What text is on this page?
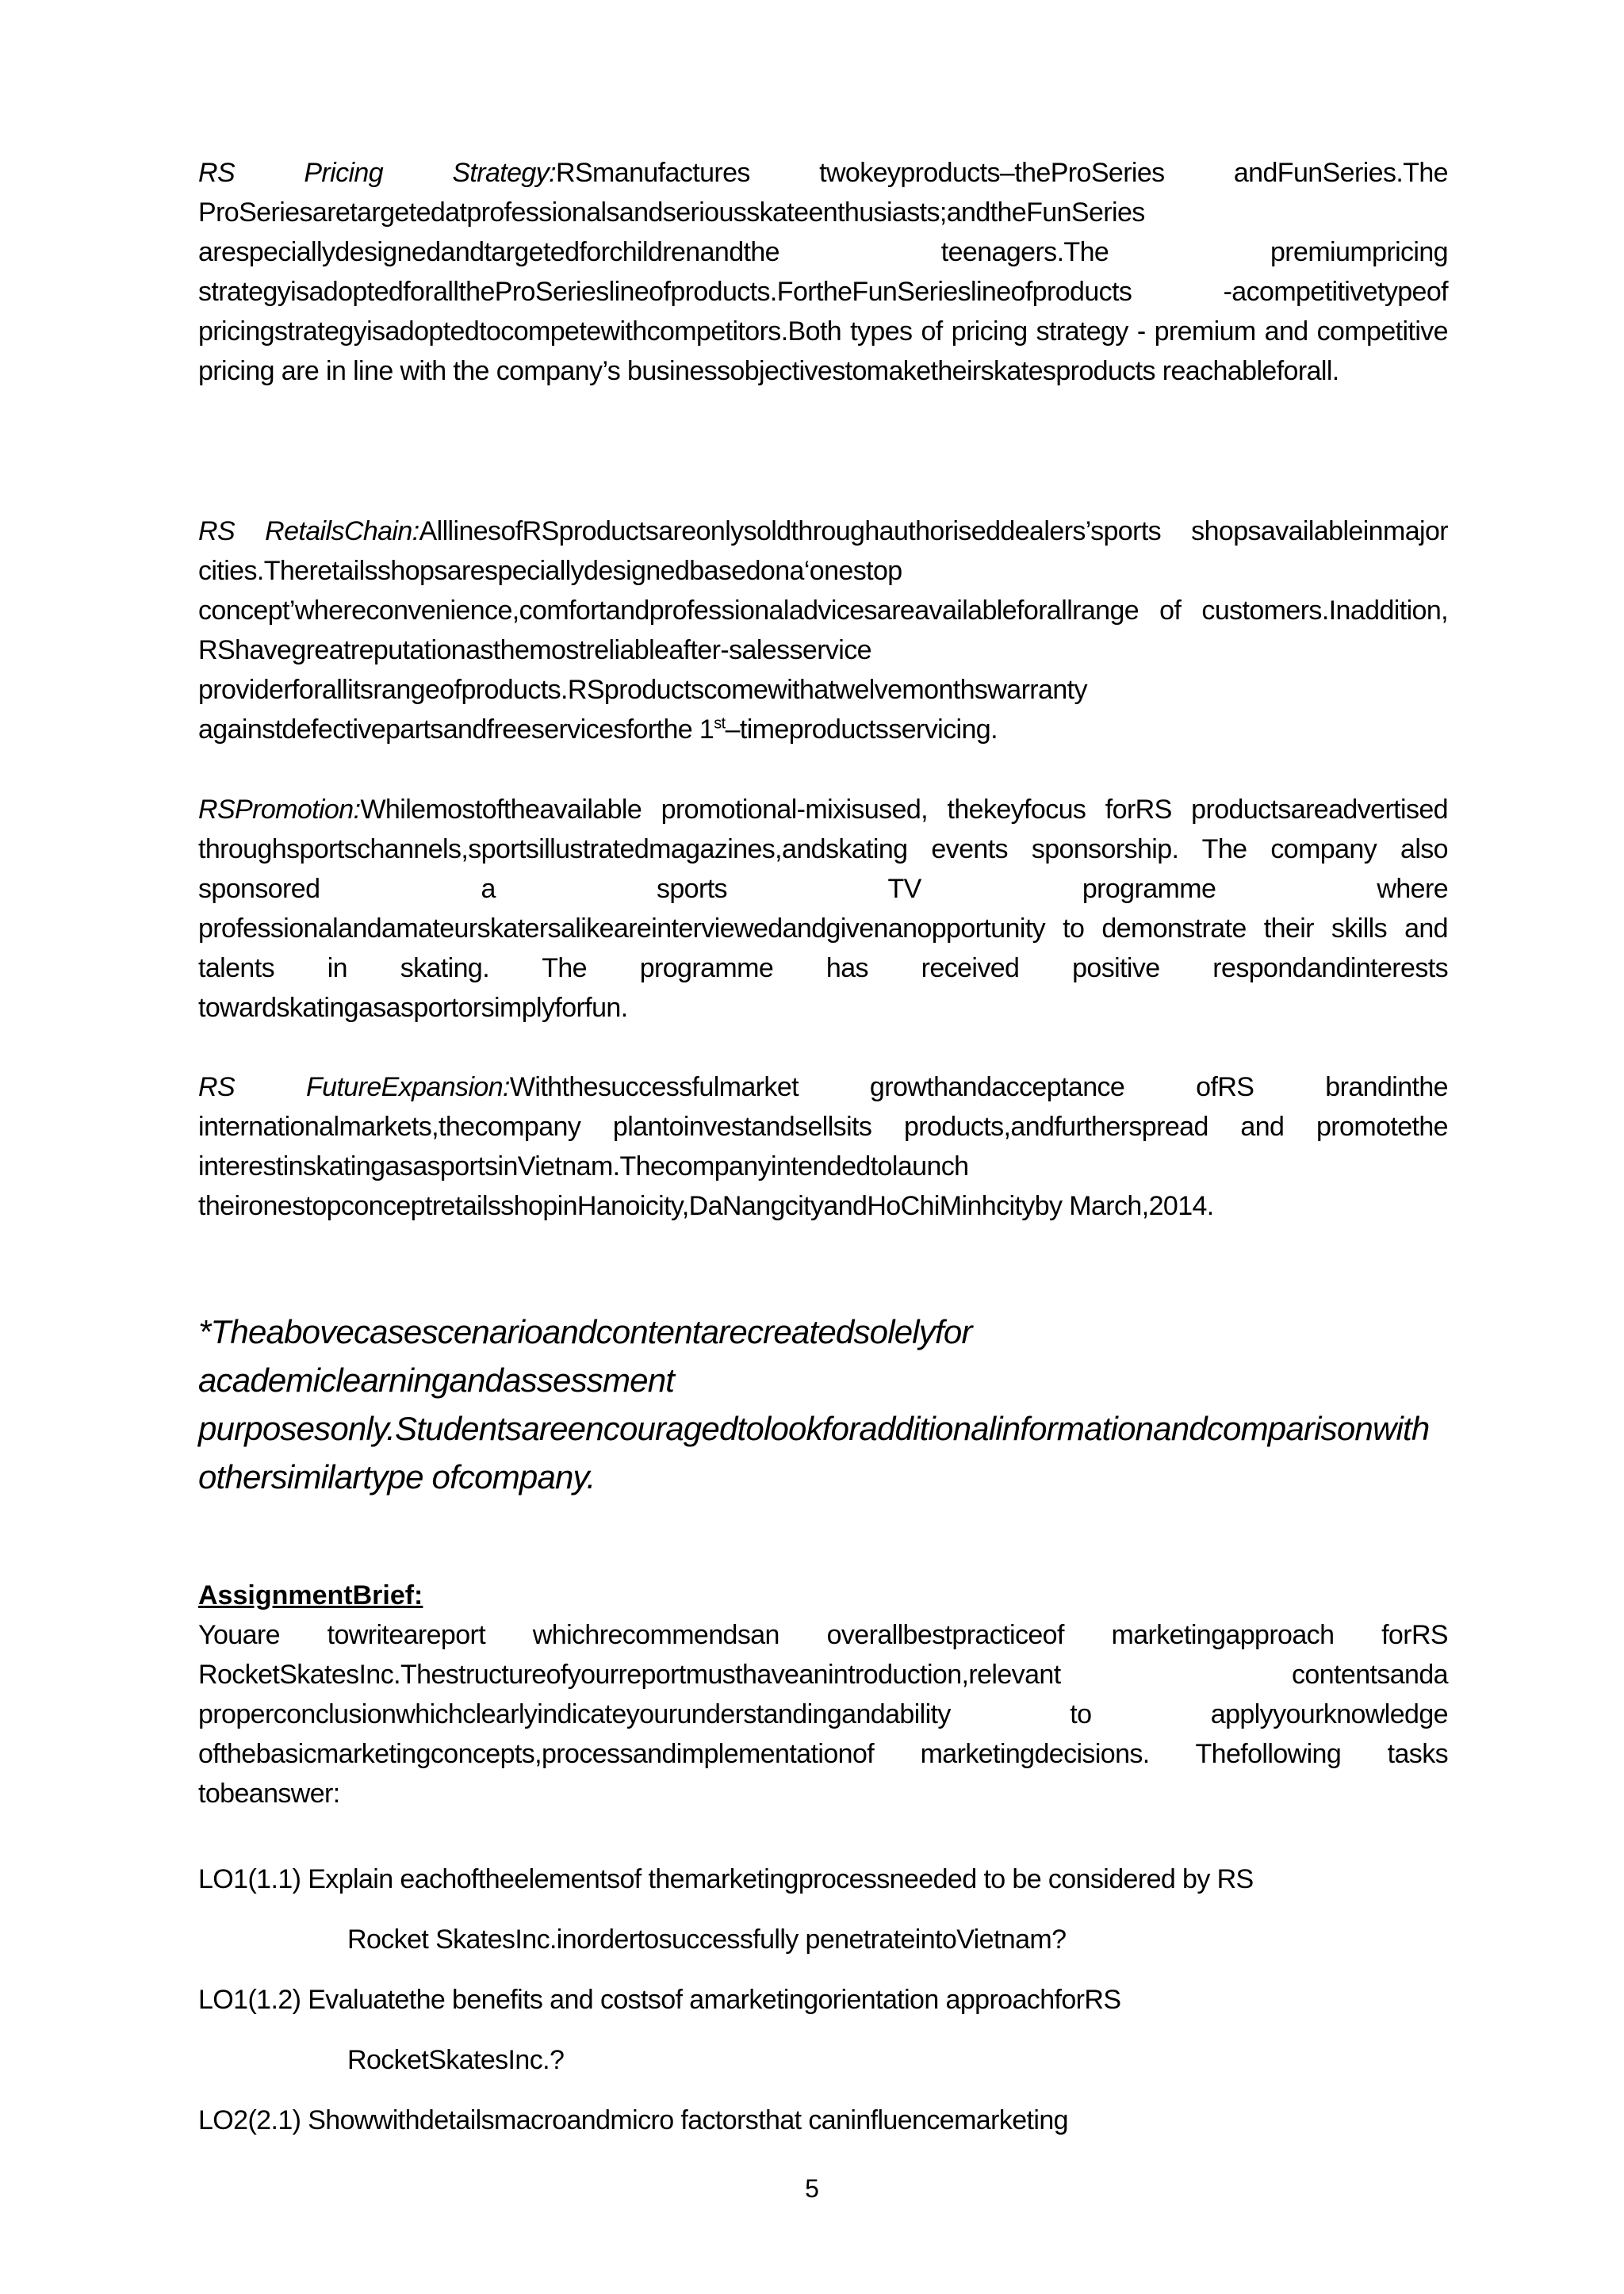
RS Pricing Strategy:RSmanufactures twokeyproducts–theProSeries andFunSeries.The ProSeriesaretargetedatprofessionalsandseriousskateenthusiasts;andtheFunSeries arespeciallydesignedandtargetedforchildrenandthe teenagers.The premiumpricing strategyisadoptedforalltheProSerieslineofproducts.FortheFunSerieslineofproducts -acompetitivetypeof pricingstrategyisadoptedtocompetewithcompetitors.Both types of pricing strategy - premium and competitive pricing are in line with the company’s businessobjectivestomaketheirskatesproducts reachableforall.

RS RetailsChain:AlllinesofRSproductsareonlysoldthroughauthoriseddealers’sports shopsavailableinmajor cities.Theretailsshopsarespeciallydesignedbasedona‘onestop concept’whereconvenience,comfortandprofessionaladvicesareavailableforallrange of customers.Inaddition, RShavegreatreputationasthemostreliableafter-salesservice providerforallitsrangeofproducts.RSproductscomewithatwelvemonthswarranty againstdefectivepartsandfreeservicesforthe 1st–timeproductsservicing.

RSPromotion:Whilemostoftheavailable promotional-mixisused, thekeyfocus forRS productsareadvertised throughsportschannels,sportsillustratedmagazines,andskating events sponsorship. The company also sponsored a sports TV programme where professionalandamateurskatersalikeareinterviewedandgivenanopportunity to demonstrate their skills and talents in skating. The programme has received positive respondandinterests towardskatingasasportorsimplyforfun.

RS FutureExpansion:Withthesuccessfulmarket growthandacceptance ofRS brandinthe internationalmarkets,thecompany plantoinvestandsellsits products,andfurtherspread and promotethe interestinskatingasasportsinVietnam.Thecompanyintendedtolaunch theironestopconceptretailsshopinHanoicity,DaNangcityandHoChiMinhcityby March,2014.

*Theabovecasescenarioandcontentarecreatedsolelyfor academiclearningandassessment purposesonly.Studentsareencouragedtolookforadditionalinformationandcomparisonwith othersimilartype ofcompany.

AssignmentBrief:

Youare towriteareport whichrecommendsan overallbestpracticeof marketingapproach forRS RocketSkatesInc.Thestructureofyourreportmusthaveanintroduction,relevant contentsanda properconclusionwhichclearlyindicateyourunderstandingandability to applyyourknowledge ofthebasicmarketingconcepts,processandimplementationof marketingdecisions. Thefollowing tasks tobeanswer:

LO1(1.1) Explain eachoftheelementsof themarketingprocessneeded to be considered by RS

Rocket SkatesInc.inordertosuccessfully penetrateintoVietnam?

LO1(1.2) Evaluatethe benefits and costsof amarketingorientation approachforRS

RocketSkatesInc.?

LO2(2.1) Showwithdetailsmacroandmicro factorsthat caninfluencemarketing

5
